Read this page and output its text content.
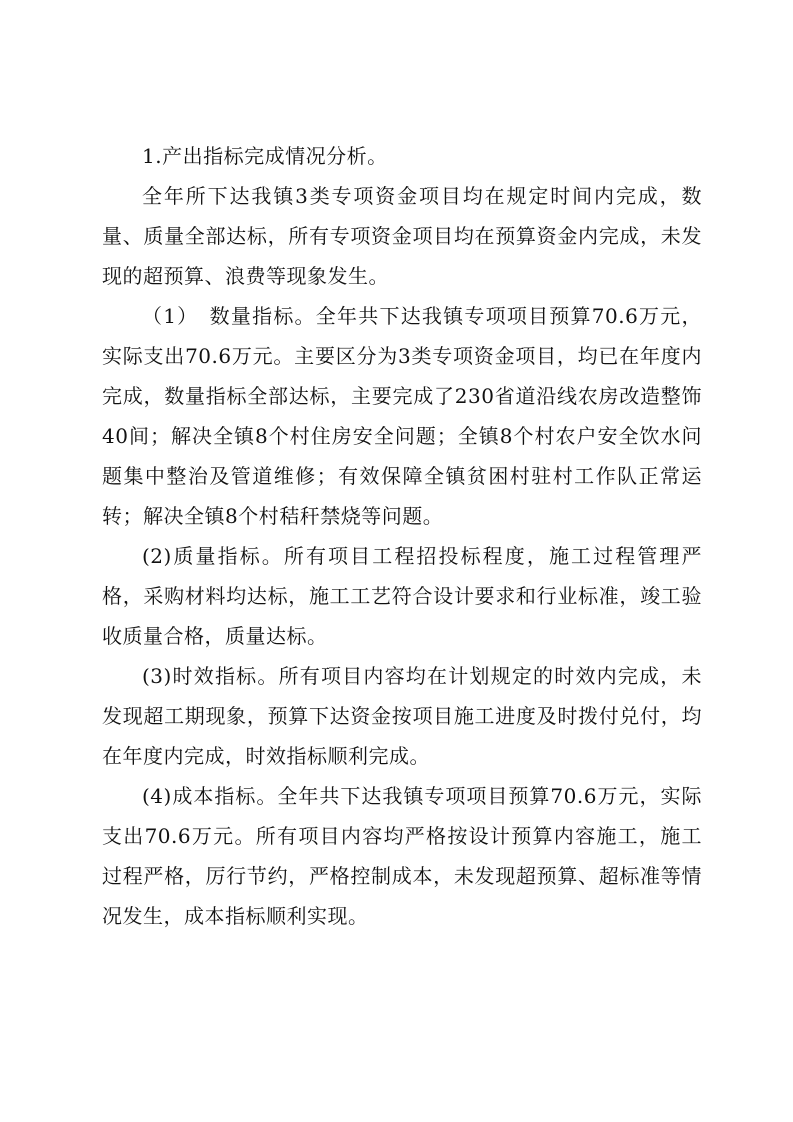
1.产出指标完成情况分析。

全年所下达我镇3类专项资金项目均在规定时间内完成，数量、质量全部达标，所有专项资金项目均在预算资金内完成，未发现的超预算、浪费等现象发生。

（1）　数量指标。全年共下达我镇专项项目预算70.6万元，实际支出70.6万元。主要区分为3类专项资金项目，均已在年度内完成，数量指标全部达标，主要完成了230省道沿线农房改造整饰40间；解决全镇8个村住房安全问题；全镇8个村农户安全饮水问题集中整治及管道维修；有效保障全镇贫困村驻村工作队正常运转；解决全镇8个村秸秆禁烧等问题。

(2)质量指标。所有项目工程招投标程度，施工过程管理严格，采购材料均达标，施工工艺符合设计要求和行业标准，竣工验收质量合格，质量达标。

(3)时效指标。所有项目内容均在计划规定的时效内完成，未发现超工期现象，预算下达资金按项目施工进度及时拨付兑付，均在年度内完成，时效指标顺利完成。

(4)成本指标。全年共下达我镇专项项目预算70.6万元，实际支出70.6万元。所有项目内容均严格按设计预算内容施工，施工过程严格，厉行节约，严格控制成本，未发现超预算、超标准等情况发生，成本指标顺利实现。
